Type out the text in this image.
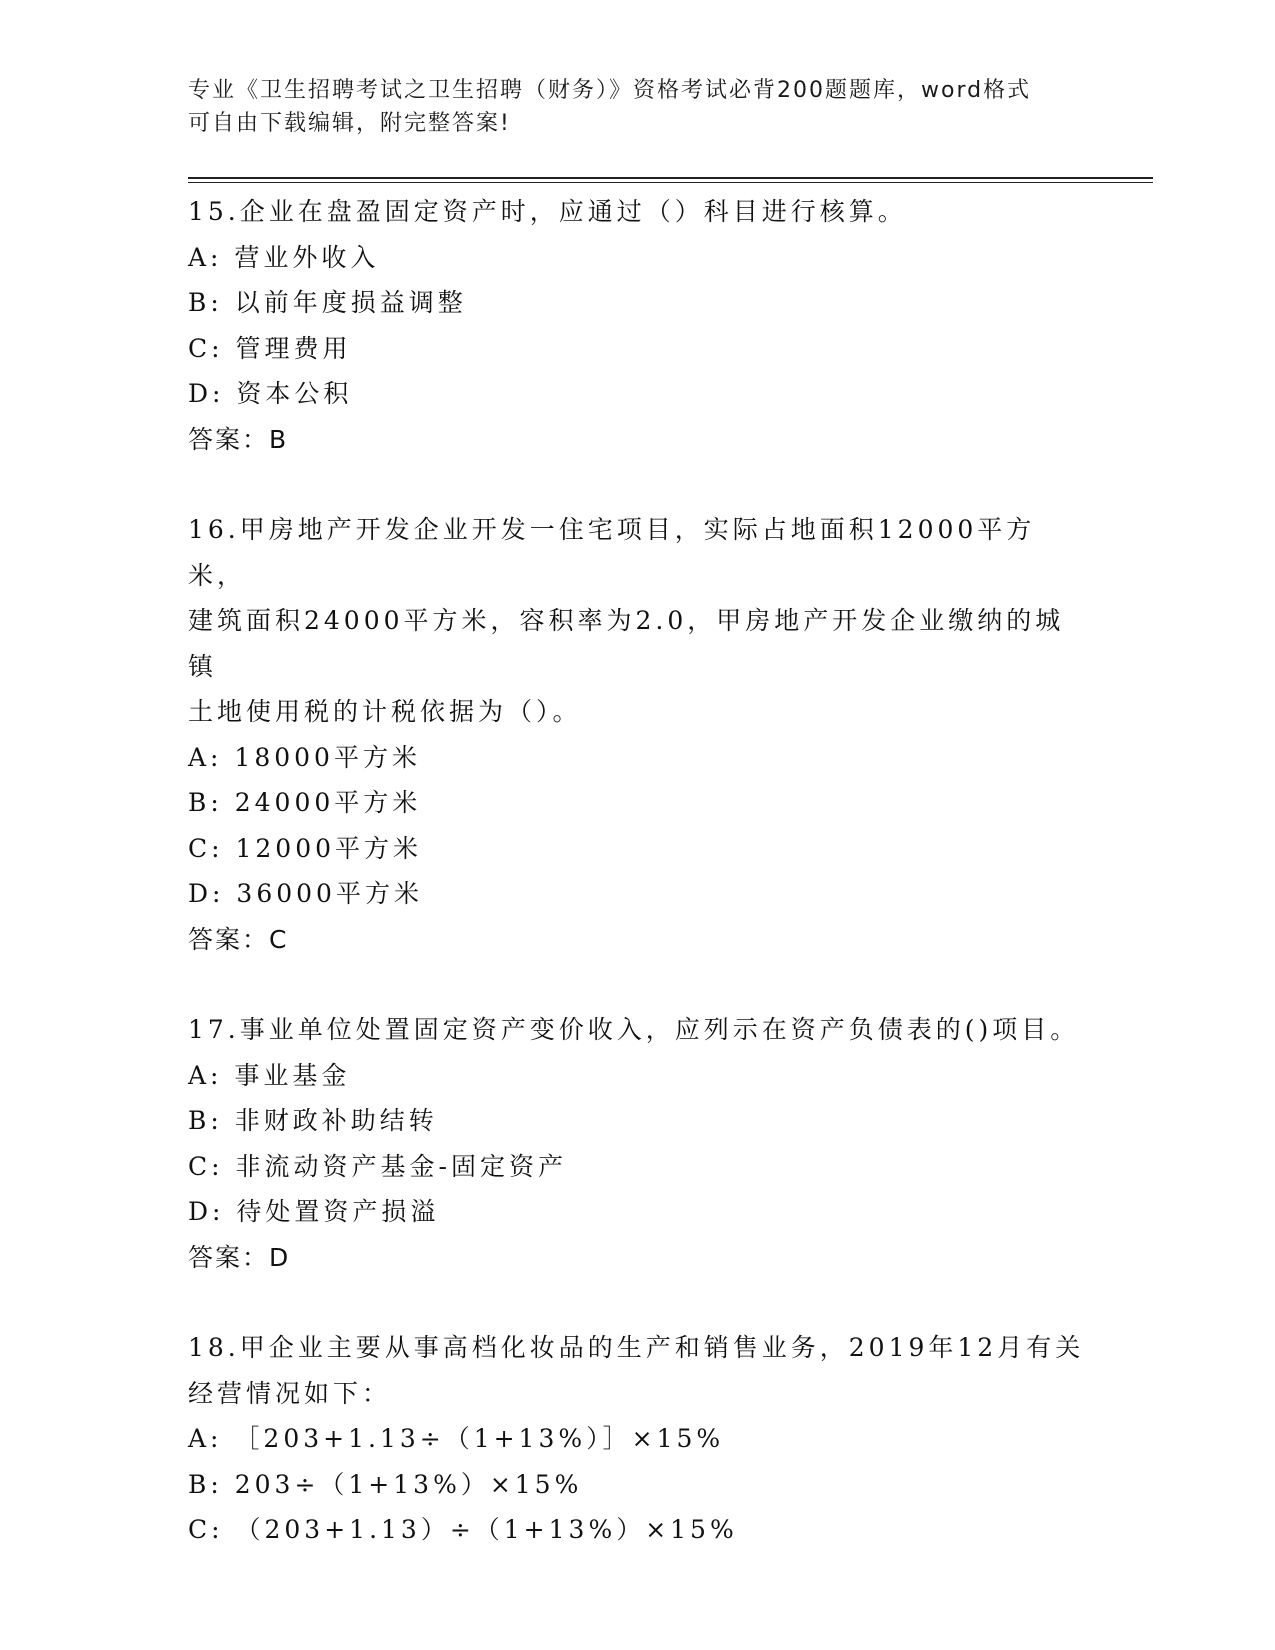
专业《卫生招聘考试之卫生招聘（财务）》资格考试必背200题题库，word格式
可自由下载编辑，附完整答案!
15.企业在盘盈固定资产时，应通过（）科目进行核算。
A: 营业外收入
B: 以前年度损益调整
C: 管理费用
D: 资本公积
答案：B
16.甲房地产开发企业开发一住宅项目，实际占地面积12000平方米，
建筑面积24000平方米，容积率为2.0，甲房地产开发企业缴纳的城镇
土地使用税的计税依据为（）。
A: 18000平方米
B: 24000平方米
C: 12000平方米
D: 36000平方米
答案：C
17.事业单位处置固定资产变价收入，应列示在资产负债表的()项目。
A: 事业基金
B: 非财政补助结转
C: 非流动资产基金-固定资产
D: 待处置资产损溢
答案：D
18.甲企业主要从事高档化妆品的生产和销售业务，2019年12月有关
经营情况如下：
A: ［203+1.13÷（1+13%）］×15%
B: 203÷（1+13%）×15%
C: （203+1.13）÷（1+13%）×15%
